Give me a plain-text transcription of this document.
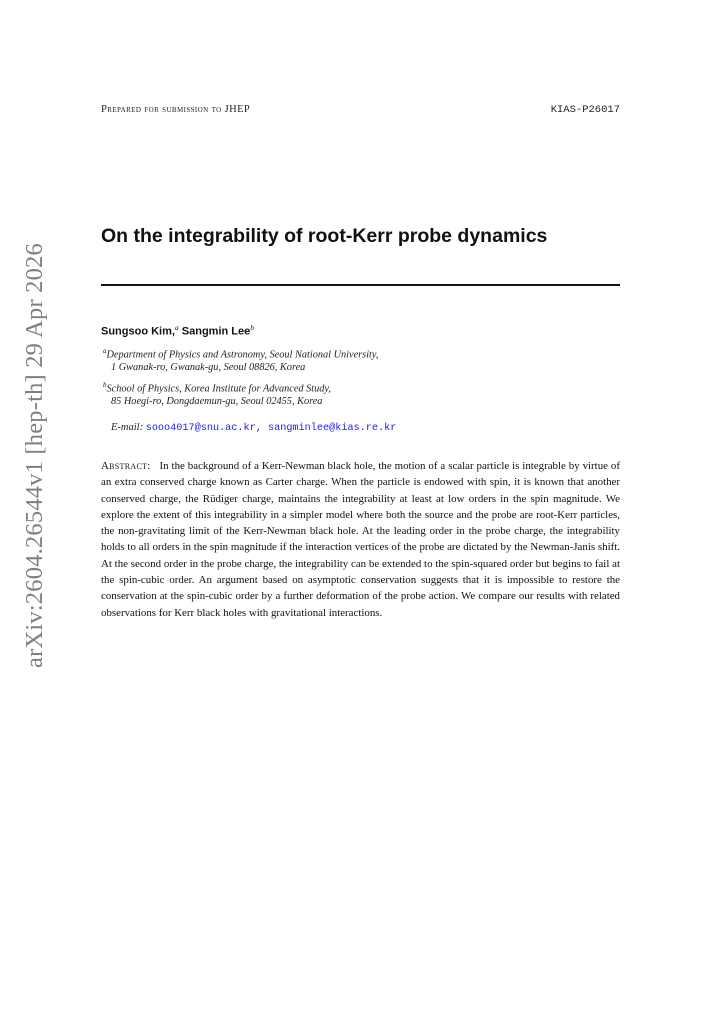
arXiv:2604.26544v1 [hep-th] 29 Apr 2026
Prepared for submission to JHEP	KIAS-P26017
On the integrability of root-Kerr probe dynamics
Sungsoo Kim,$^a$ Sangmin Lee$^b$
$^a$Department of Physics and Astronomy, Seoul National University,
1 Gwanak-ro, Gwanak-gu, Seoul 08826, Korea
$^b$School of Physics, Korea Institute for Advanced Study,
85 Hoegi-ro, Dongdaemun-gu, Seoul 02455, Korea
E-mail: sooo4017@snu.ac.kr, sangminlee@kias.re.kr
Abstract: In the background of a Kerr-Newman black hole, the motion of a scalar particle is integrable by virtue of an extra conserved charge known as Carter charge. When the particle is endowed with spin, it is known that another conserved charge, the Rüdiger charge, maintains the integrability at least at low orders in the spin magnitude. We explore the extent of this integrability in a simpler model where both the source and the probe are root-Kerr particles, the non-gravitating limit of the Kerr-Newman black hole. At the leading order in the probe charge, the integrability holds to all orders in the spin magnitude if the interaction vertices of the probe are dictated by the Newman-Janis shift. At the second order in the probe charge, the integrability can be extended to the spin-squared order but begins to fail at the spin-cubic order. An argument based on asymptotic conservation suggests that it is impossible to restore the conservation at the spin-cubic order by a further deformation of the probe action. We compare our results with related observations for Kerr black holes with gravitational interactions.
